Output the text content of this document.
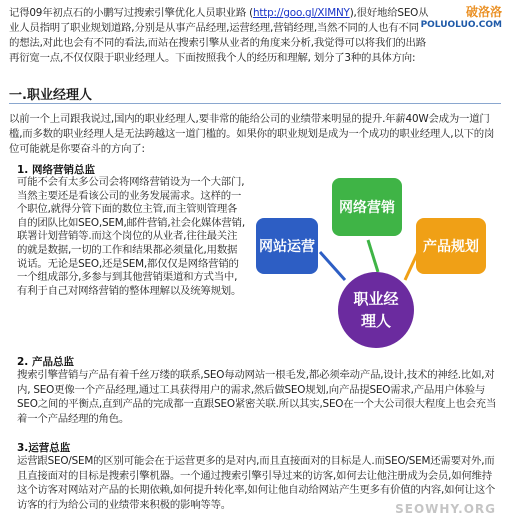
破洛洛
POLUOLUO.COM
记得09年初点石的小鹏写过搜索引擎优化人员职业路 (http://goo.gl/XIMNY),很好地给SEO从业人员指明了职业规划道路,分别是从事产品经理,运营经理,营销经理,当然不同的人也有不同的想法,对此也会有不同的看法,而站在搜索引擎从业者的角度来分析,我觉得可以将我们的出路再衍宽一点,不仅仅限于职业经理人。下面按照我个人的经历和理解, 划分了3种的具体方向:
一.职业经理人
以前一个上司跟我说过,国内的职业经理人,要非常的能给公司的业绩带来明显的提升.年薪40W会成为一道门槛,而多数的职业经理人是无法跨越这一道门槛的。如果你的职业规划是成为一个成功的职业经理人,以下的岗位可能就是你要奋斗的方向了:
1. 网络营销总监
可能不会有太多公司会将网络营销设为一个大部门,当然主要还是看该公司的业务发展需求。这样的一个职位,就得分管下面的数位主管,而主管则管理各自的团队比如SEO,SEM,邮件营销,社会化媒体营销,联署计划营销等.而这个岗位的从业者,往往最关注的就是数据,一切的工作和结果都必须量化,用数据说话。无论是SEO,还是SEM,都仅仅是网络营销的一个组成部分,多参与到其他营销渠道和方式当中,有利于自己对网络营销的整体理解以及统筹规划。
网络营销
网站运营	产品规划
职业经
理人
2. 产品总监
搜索引擎营销与产品有着千丝万缕的联系,SEO每动网站一根毛发,都必须牵动产品,设计,技术的神经.比如,对内, SEO更像一个产品经理,通过工具获得用户的需求,然后做SEO规划,向产品提SEO需求,产品用户体验与SEO之间的平衡点,直到产品的完成都一直跟SEO紧密关联.所以其实,SEO在一个大公司很大程度上也会充当着一个产品经理的角色。
3.运营总监
运营跟SEO/SEM的区别可能会在于运营更多的是对内,而且直接面对的目标是人.而SEO/SEM还需要对外,而且直接面对的目标是搜索引擎机器。一个通过搜索引擎引导过来的访客,如何去让他注册成为会员,如何维持这个访客对网站对产品的长期依赖,如何提升转化率,如何让他自动给网站产生更多有价值的内容,如何让这个访客的行为给公司的业绩带来积极的影响等等。	SEOWHY.ORG
